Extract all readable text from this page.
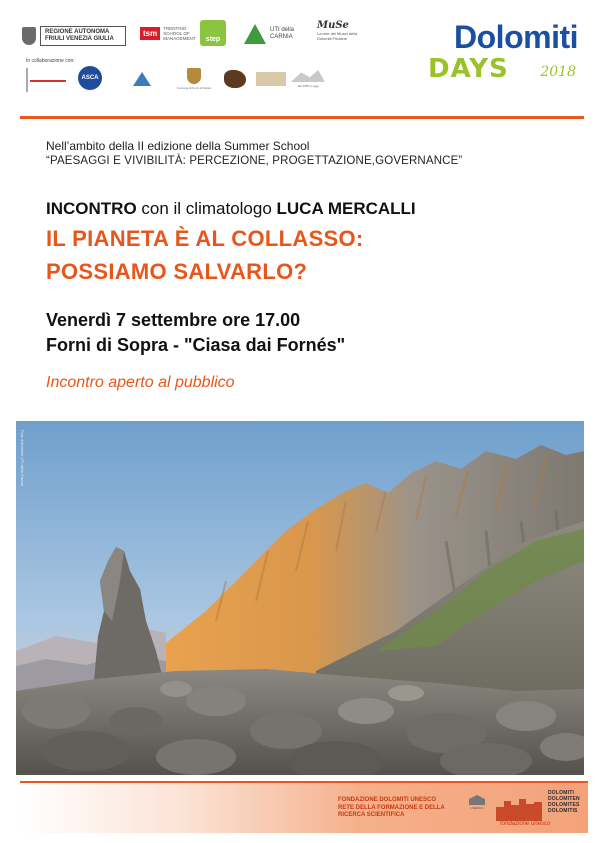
REGIONE AUTONOMA FRIULI VENEZIA GIULIA
tsm
TRENTINO SCHOOL OF MANAGEMENT step
UTI della CARNIA
MuSe
La rete dei Musei della Dolomiti Friulane
In collaborazione con:
ASCA
Comune di Forni di Sopra	dal 1950 a oggi
Dolomiti
DAYS 2018
Nell’ambito della II edizione della Summer School
“PAESAGGI E VIVIBILITÀ: PERCEZIONE, PROGETTAZIONE,GOVERNANCE”
INCONTRO con il climatologo LUCA MERCALLI
IL PIANETA È AL COLLASSO:
POSSIAMO SALVARLO?
Venerdì 7 settembre ore 17.00
Forni di Sopra - "Ciasa dai Fornés"
Incontro aperto al pubblico
Foto d'archivio UTI della Carnia
FONDAZIONE DOLOMITI UNESCO
RETE DELLA FORMAZIONE E DELLA
RICERCA SCIENTIFICA
UNESCO
DOLOMITI
DOLOMITEN
DOLOMITES
DOLOMITIS
fondazione unesco
